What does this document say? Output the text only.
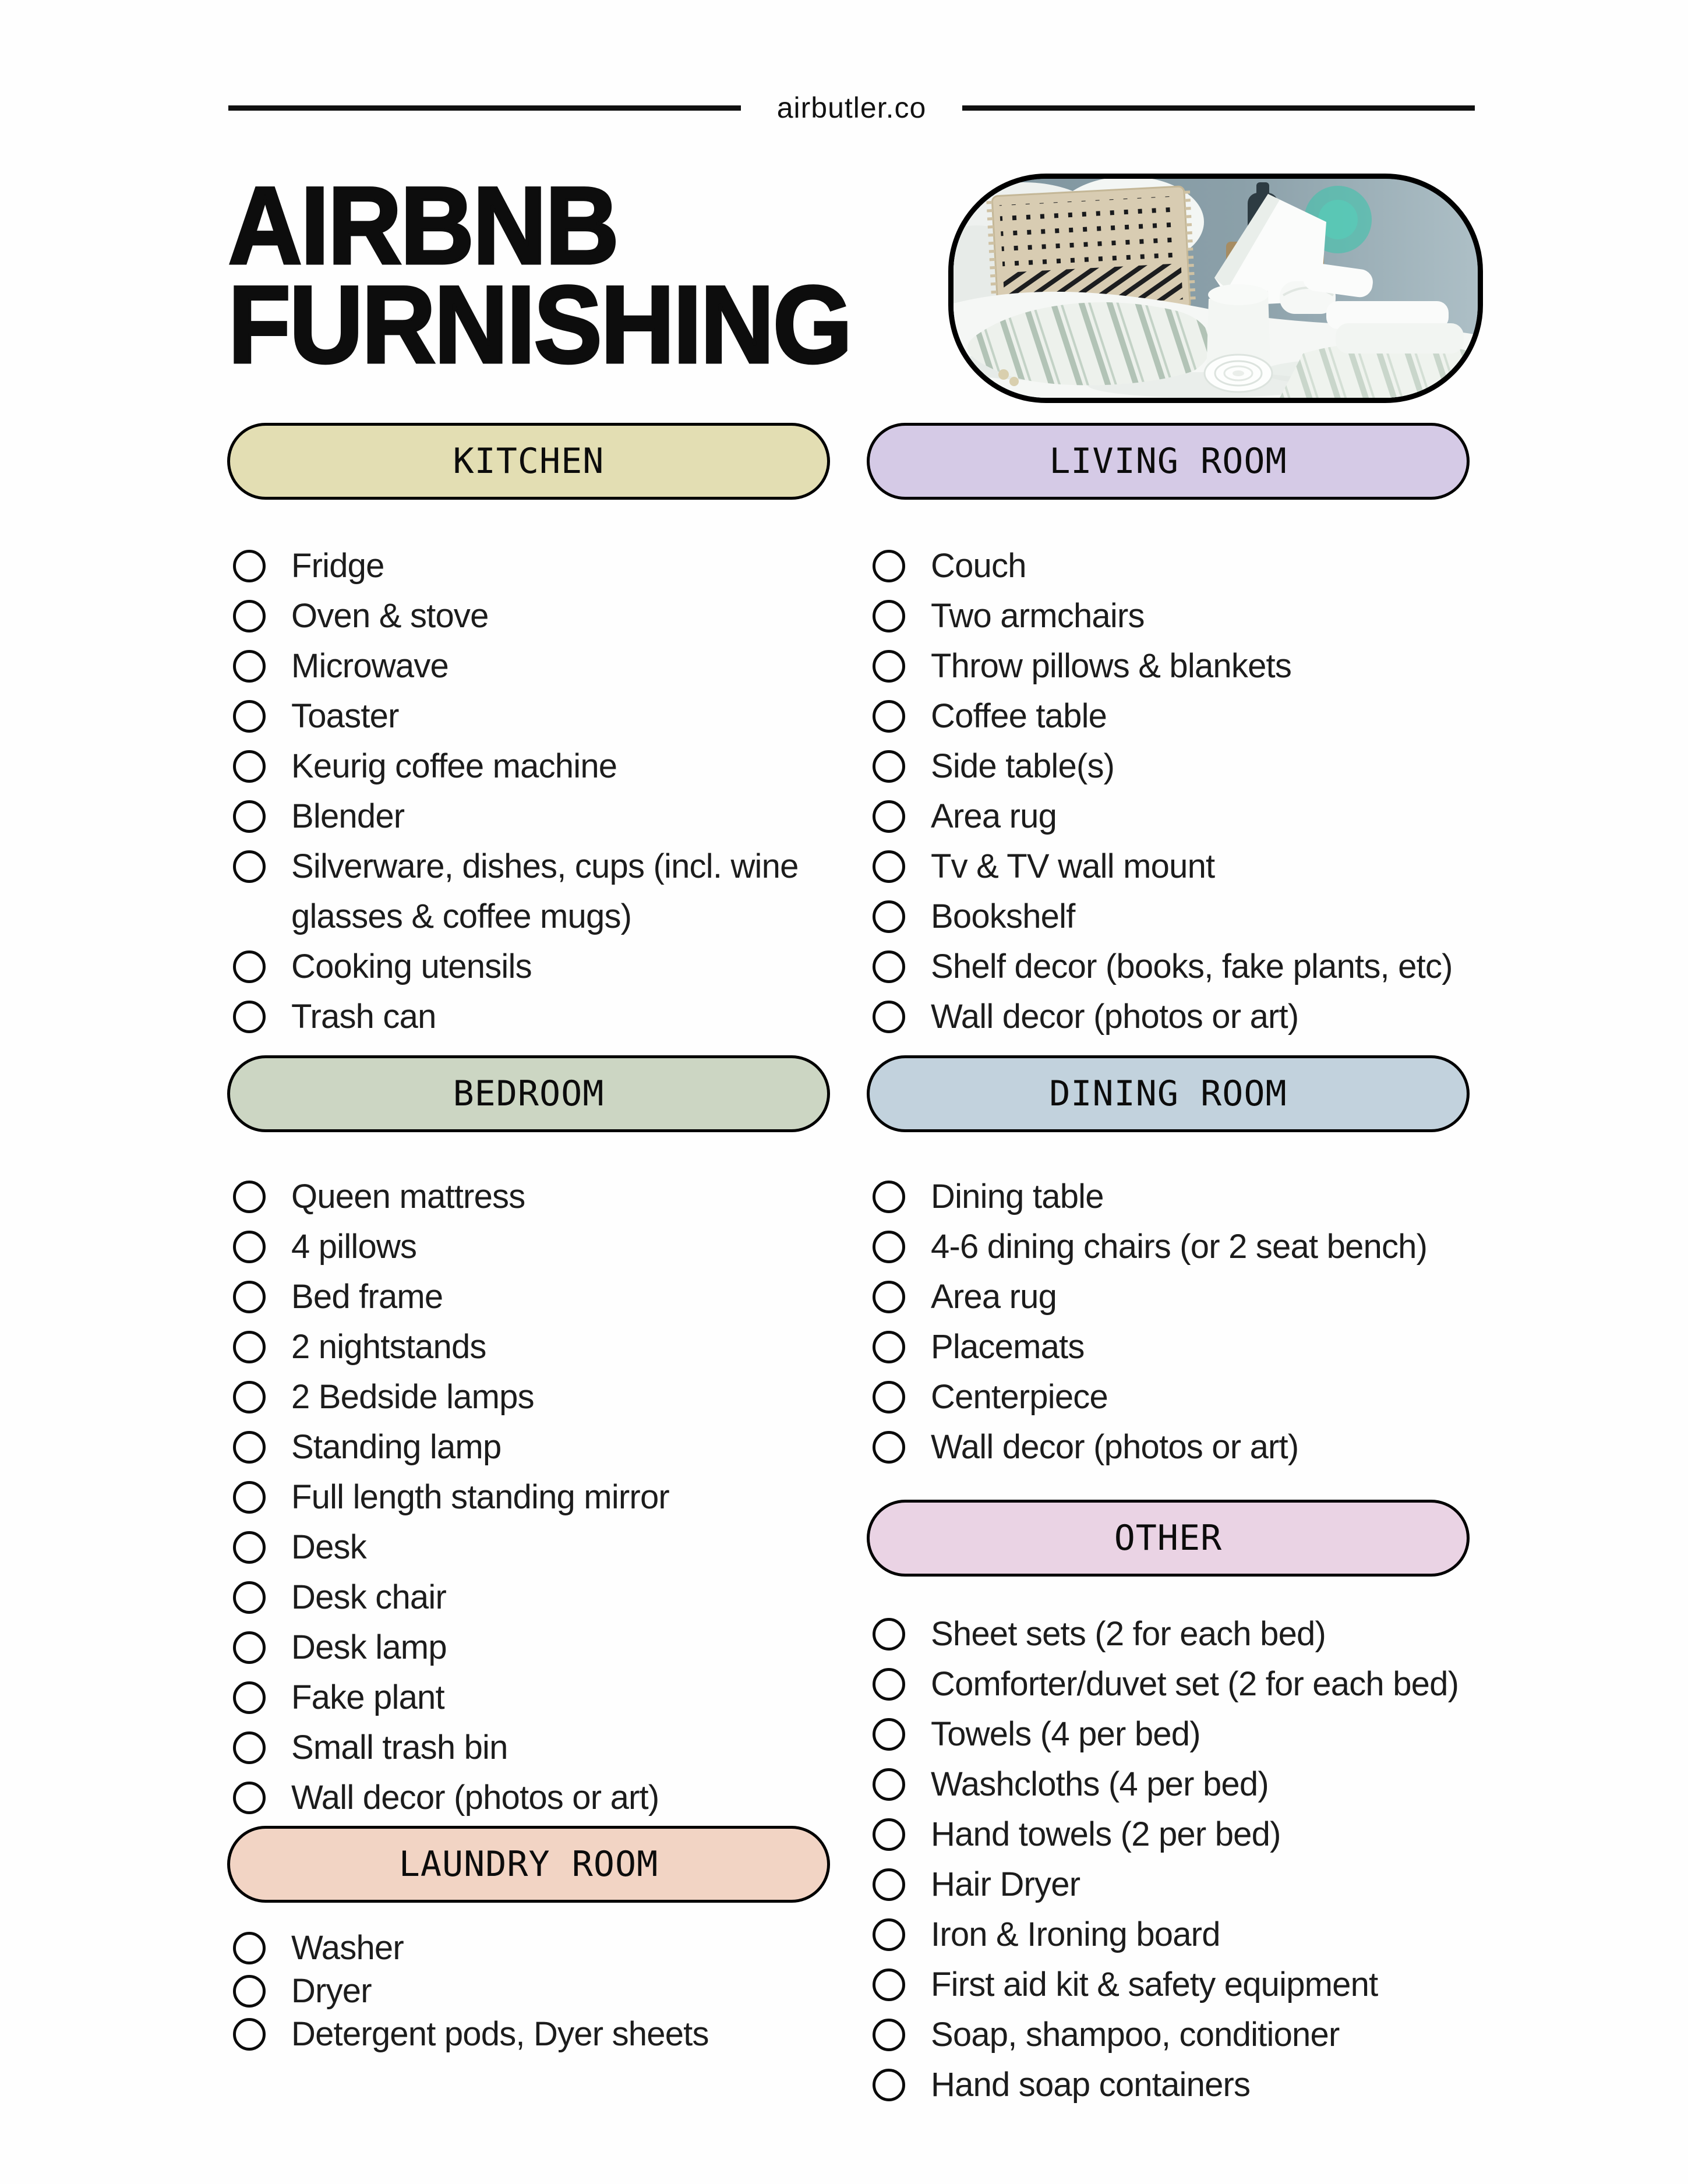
airbutler.co
AIRBNB
FURNISHING
KITCHEN
Fridge
Oven & stove
Microwave
Toaster
Keurig coffee machine
Blender
Silverware, dishes, cups (incl. wine glasses & coffee mugs)
Cooking utensils
Trash can
LIVING ROOM
Couch
Two armchairs
Throw pillows & blankets
Coffee table
Side table(s)
Area rug
Tv & TV wall mount
Bookshelf
Shelf decor (books, fake plants, etc)
Wall decor (photos or art)
BEDROOM
Queen mattress
4 pillows
Bed frame
2 nightstands
2 Bedside lamps
Standing lamp
Full length standing mirror
Desk
Desk chair
Desk lamp
Fake plant
Small trash bin
Wall decor (photos or art)
DINING ROOM
Dining table
4-6 dining chairs (or 2 seat bench)
Area rug
Placemats
Centerpiece
Wall decor (photos or art)
OTHER
Sheet sets (2 for each bed)
Comforter/duvet set (2 for each bed)
Towels (4 per bed)
Washcloths (4 per bed)
Hand towels (2 per bed)
Hair Dryer
Iron & Ironing board
First aid kit & safety equipment
Soap, shampoo, conditioner
Hand soap containers
LAUNDRY ROOM
Washer
Dryer
Detergent pods, Dyer sheets
